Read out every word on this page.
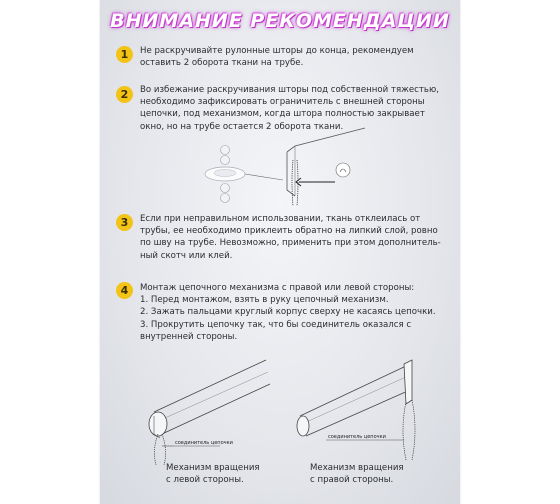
ВНИМАНИЕ РЕКОМЕНДАЦИИ
1	Не раскручивайте рулонные шторы до конца, рекомендуем
оставить 2 оборота ткани на трубе.
2	Во избежание раскручивания шторы под собственной тяжестью,
необходимо зафиксировать ограничитель с внешней стороны
цепочки, под механизмом, когда штора полностью закрывает
окно, но на трубе остается 2 оборота ткани.
3	Если при неправильном использовании, ткань отклеилась от
трубы, ее необходимо приклеить обратно на липкий слой, ровно
по шву на трубе. Невозможно, применить при этом дополнитель-
ный скотч или клей.
4	Монтаж цепочного механизма с правой или левой стороны:
1. Перед монтажом, взять в руку цепочный механизм.
2. Зажать пальцами круглый корпус сверху не касаясь цепочки.
3. Прокрутить цепочку так, что бы соединитель оказался с
внутренней стороны.
соединитель цепочки
Механизм вращения
с левой стороны.
соединитель цепочки
Механизм вращения
с правой стороны.
